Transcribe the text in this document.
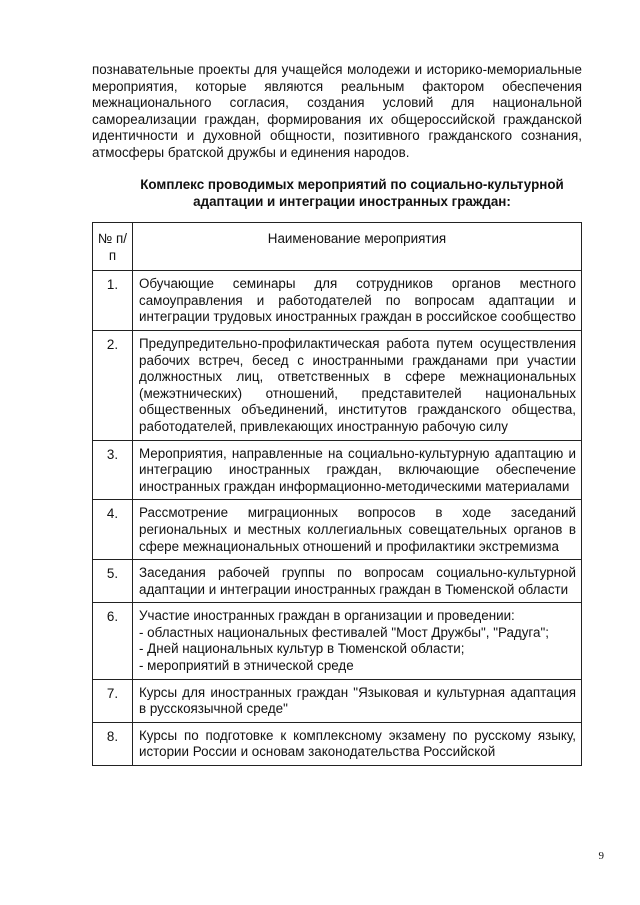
познавательные проекты для учащейся молодежи и историко-мемориальные мероприятия, которые являются реальным фактором обеспечения межнационального согласия, создания условий для национальной самореализации граждан, формирования их общероссийской гражданской идентичности и духовной общности, позитивного гражданского сознания, атмосферы братской дружбы и единения народов.

Комплекс проводимых мероприятий по социально-культурной
адаптации и интеграции иностранных граждан:
№ п/п	Наименование мероприятия
1.	Обучающие семинары для сотрудников органов местного самоуправления и работодателей по вопросам адаптации и интеграции трудовых иностранных граждан в российское сообщество
2.	Предупредительно-профилактическая работа путем осуществления рабочих встреч, бесед с иностранными гражданами при участии должностных лиц, ответственных в сфере межнациональных (межэтнических) отношений, представителей национальных общественных объединений, институтов гражданского общества, работодателей, привлекающих иностранную рабочую силу
3.	Мероприятия, направленные на социально-культурную адаптацию и интеграцию иностранных граждан, включающие обеспечение иностранных граждан информационно-методическими материалами
4.	Рассмотрение миграционных вопросов в ходе заседаний региональных и местных коллегиальных совещательных органов в сфере межнациональных отношений и профилактики экстремизма
5.	Заседания рабочей группы по вопросам социально-культурной адаптации и интеграции иностранных граждан в Тюменской области
6.	Участие иностранных граждан в организации и проведении:
- областных национальных фестивалей "Мост Дружбы", "Радуга";
- Дней национальных культур в Тюменской области;
- мероприятий в этнической среде

7.	Курсы для иностранных граждан "Языковая и культурная адаптация в русскоязычной среде"
8.	Курсы по подготовке к комплексному экзамену по русскому языку, истории России и основам законодательства Российской
9
